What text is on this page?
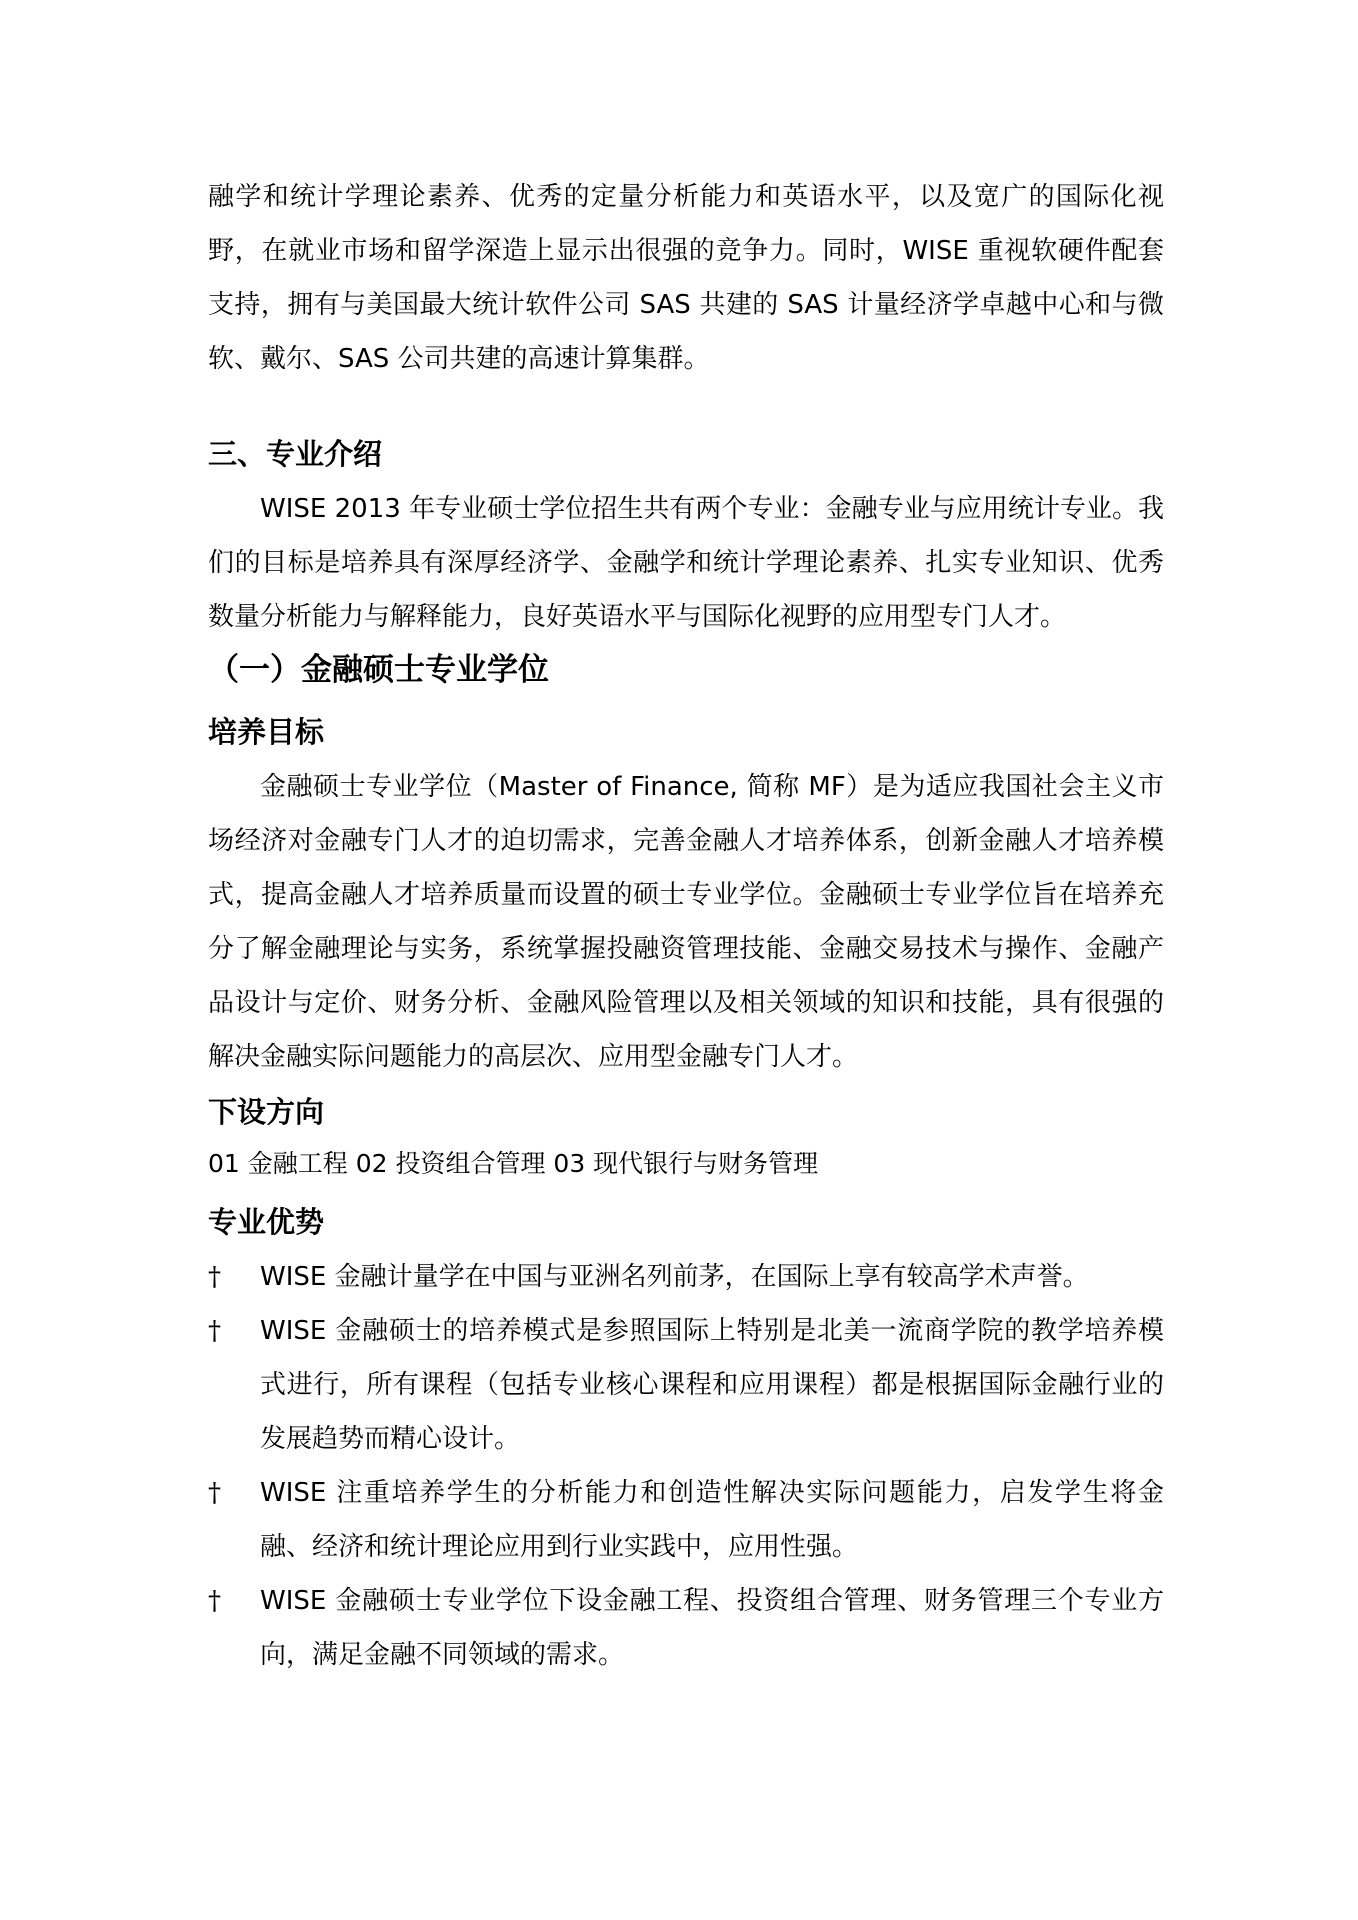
融学和统计学理论素养、优秀的定量分析能力和英语水平，以及宽广的国际化视野，在就业市场和留学深造上显示出很强的竞争力。同时，WISE 重视软硬件配套支持，拥有与美国最大统计软件公司 SAS 共建的 SAS 计量经济学卓越中心和与微软、戴尔、SAS 公司共建的高速计算集群。

三、专业介绍

WISE 2013 年专业硕士学位招生共有两个专业：金融专业与应用统计专业。我们的目标是培养具有深厚经济学、金融学和统计学理论素养、扎实专业知识、优秀数量分析能力与解释能力，良好英语水平与国际化视野的应用型专门人才。

（一）金融硕士专业学位
培养目标

金融硕士专业学位（Master of Finance, 简称 MF）是为适应我国社会主义市场经济对金融专门人才的迫切需求，完善金融人才培养体系，创新金融人才培养模式，提高金融人才培养质量而设置的硕士专业学位。金融硕士专业学位旨在培养充分了解金融理论与实务，系统掌握投融资管理技能、金融交易技术与操作、金融产品设计与定价、财务分析、金融风险管理以及相关领域的知识和技能，具有很强的解决金融实际问题能力的高层次、应用型金融专门人才。

下设方向

01 金融工程 02 投资组合管理 03 现代银行与财务管理

专业优势
† WISE 金融计量学在中国与亚洲名列前茅，在国际上享有较高学术声誉。
† WISE 金融硕士的培养模式是参照国际上特别是北美一流商学院的教学培养模式进行，所有课程（包括专业核心课程和应用课程）都是根据国际金融行业的发展趋势而精心设计。
† WISE 注重培养学生的分析能力和创造性解决实际问题能力，启发学生将金融、经济和统计理论应用到行业实践中，应用性强。
† WISE 金融硕士专业学位下设金融工程、投资组合管理、财务管理三个专业方向，满足金融不同领域的需求。
